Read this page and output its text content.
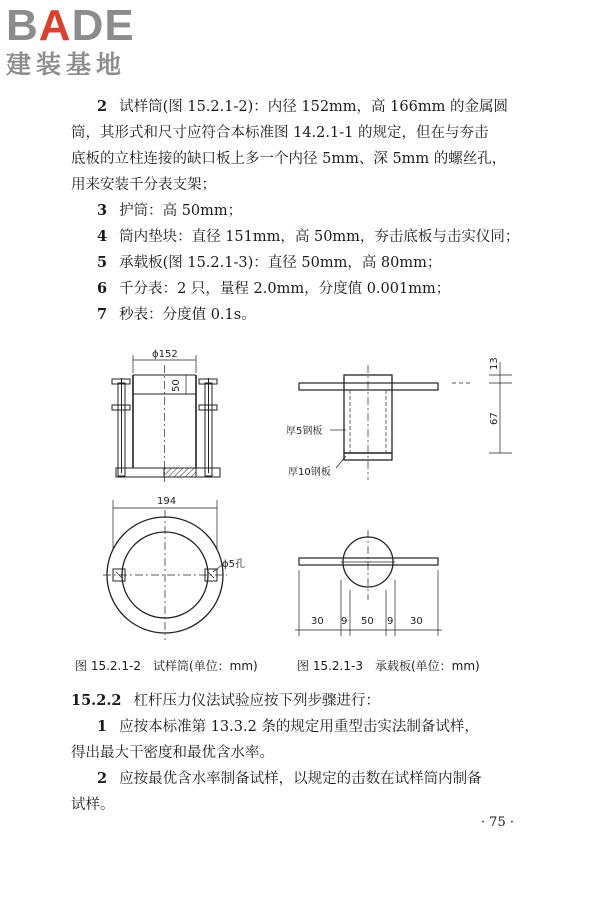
BADE
建装基地
2 试样筒(图 15.2.1-2)：内径 152mm，高 166mm 的金属圆
筒，其形式和尺寸应符合本标准图 14.2.1-1 的规定，但在与夯击
底板的立柱连接的缺口板上多一个内径 5mm、深 5mm 的螺丝孔，
用来安装千分表支架；
3 护筒：高 50mm；
4 筒内垫块：直径 151mm，高 50mm，夯击底板与击实仪同；
5 承载板(图 15.2.1-3)：直径 50mm，高 80mm；
6 千分表：2 只，量程 2.0mm，分度值 0.001mm；
7 秒表：分度值 0.1s。
ϕ152
50
194
ϕ5孔
13
67
厚5钢板
厚10钢板
30 9 50 9 30
图 15.2.1-2　试样筒(单位：mm)	图 15.2.1-3　承载板(单位：mm)
15.2.2 杠杆压力仪法试验应按下列步骤进行：
1 应按本标准第 13.3.2 条的规定用重型击实法制备试样，
得出最大干密度和最优含水率。
2 应按最优含水率制备试样，以规定的击数在试样筒内制备
试样。
· 75 ·
